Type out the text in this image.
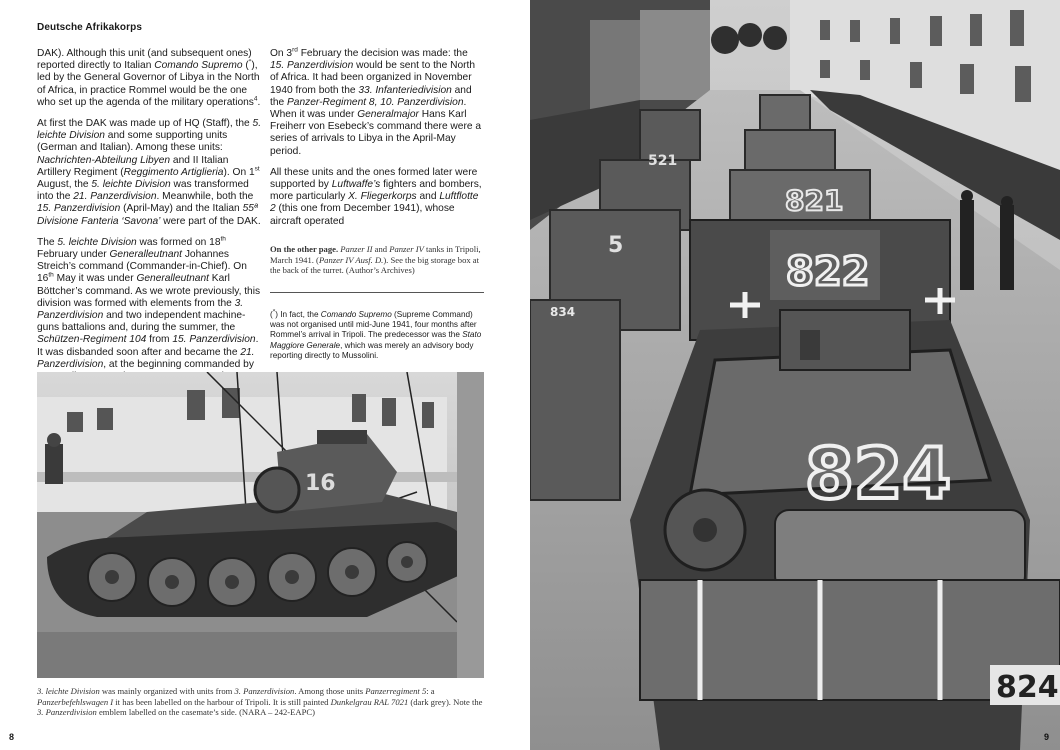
Deutsche Afrikakorps

DAK). Although this unit (and subsequent ones) reported directly to Italian Comando Supremo (*), led by the General Governor of Libya in the North of Africa, in practice Rommel would be the one who set up the agenda of the military operations$^4$.

At first the DAK was made up of HQ (Staff), the 5. leichte Division and some supporting units (German and Italian). Among these units: Nachrichten-Abteilung Libyen and II Italian Artillery Regiment (Reggimento Artiglieria). On 1st August, the 5. leichte Division was transformed into the 21. Panzerdivision. Meanwhile, both the 15. Panzerdivision (April-May) and the Italian 55ª Divisione Fanteria ‘Savona’ were part of the DAK.

The 5. leichte Division was formed on 18th February under Generalleutnant Johannes Streich’s command (Commander-in-Chief). On 16th May it was under Generalleutnant Karl Böttcher’s command. As we wrote previously, this division was formed with elements from the 3. Panzerdivision and two independent machine-guns battalions and, during the summer, the Schützen-Regiment 104 from 15. Panzerdivision. It was disbanded soon after and became the 21. Panzerdivision, at the beginning commanded by

On 3rd February the decision was made: the 15. Panzerdivision would be sent to the North of Africa. It had been organized in November 1940 from both the 33. Infanteriedivision and the Panzer-Regiment 8, 10. Panzerdivision. When it was under Generalmajor Hans Karl Freiherr von Esebeck’s command there were a series of arrivals to Libya in the April-May period.

All these units and the ones formed later were supported by Luftwaffe’s fighters and bombers, more particularly X. Fliegerkorps and Luftflotte 2 (this one from December 1941), whose aircraft operated

On the other page. Panzer II and Panzer IV tanks in Tripoli, March 1941. (Panzer IV Ausf. D.). See the big storage box at the back of the turret. (Author’s Archives)
(*) In fact, the Comando Supremo (Supreme Command) was not organised until mid-June 1941, four months after Rommel’s arrival in Tripoli. The predecessor was the Stato Maggiore Generale, which was merely an advisory body reporting directly to Mussolini.
16
3. leichte Division was mainly organized with units from 3. Panzerdivision. Among those units Panzerregiment 5: a Panzerbefehlswagen I it has been labelled on the harbour of Tripoli. It is still painted Dunkelgrau RAL 7021 (dark grey). Note the 3. Panzerdivision emblem labelled on the casemate’s side. (NARA – 242-EAPC)
8
824
822
821
834
824
521
5
9
